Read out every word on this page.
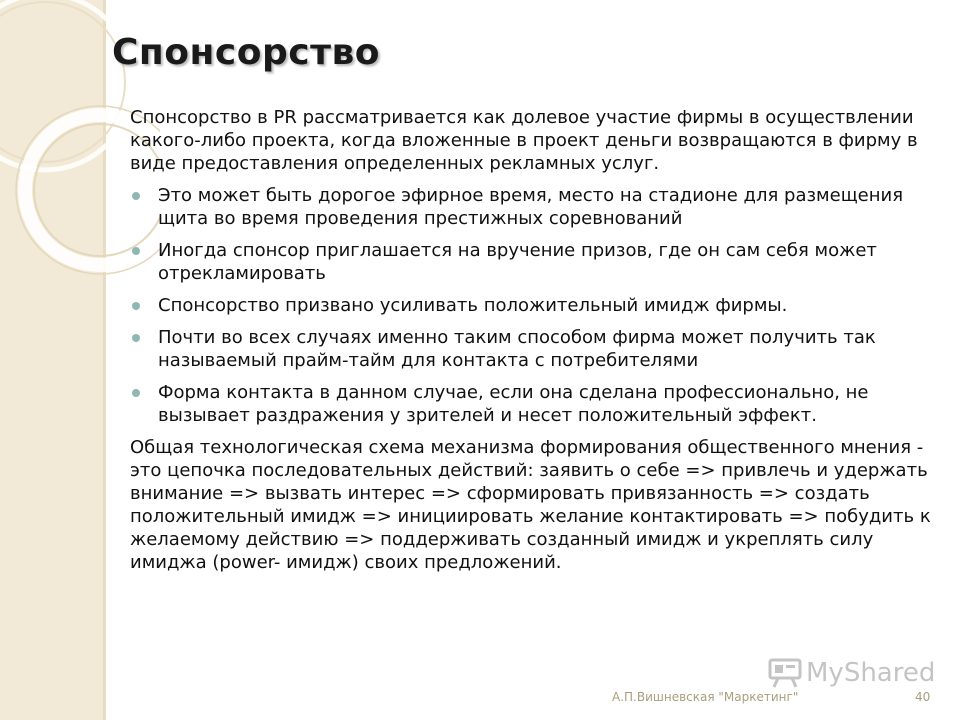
Спонсорство

Спонсорство в PR рассматривается как долевое участие фирмы в осуществлении какого-либо проекта, когда вложенные в проект деньги возвращаются в фирму в виде предоставления определенных рекламных услуг.

Это может быть дорогое эфирное время, место на стадионе для размещения щита во время проведения престижных соревнований
Иногда спонсор приглашается на вручение призов, где он сам себя может отрекламировать
Спонсорство призвано усиливать положительный имидж фирмы.
Почти во всех случаях именно таким способом фирма может получить так называемый прайм-тайм для контакта с потребителями
Форма контакта в данном случае, если она сделана профессионально, не вызывает раздражения у зрителей и несет положительный эффект.

Общая технологическая схема механизма формирования общественного мнения - это цепочка последовательных действий: заявить о себе => привлечь и удержать внимание => вызвать интерес => сформировать привязанность => создать положительный имидж => инициировать желание контактировать => побудить к желаемому действию => поддерживать созданный имидж и укреплять силу имиджа (power- имидж) своих предложений.

MyShared
А.П.Вишневская "Маркетинг"	40
